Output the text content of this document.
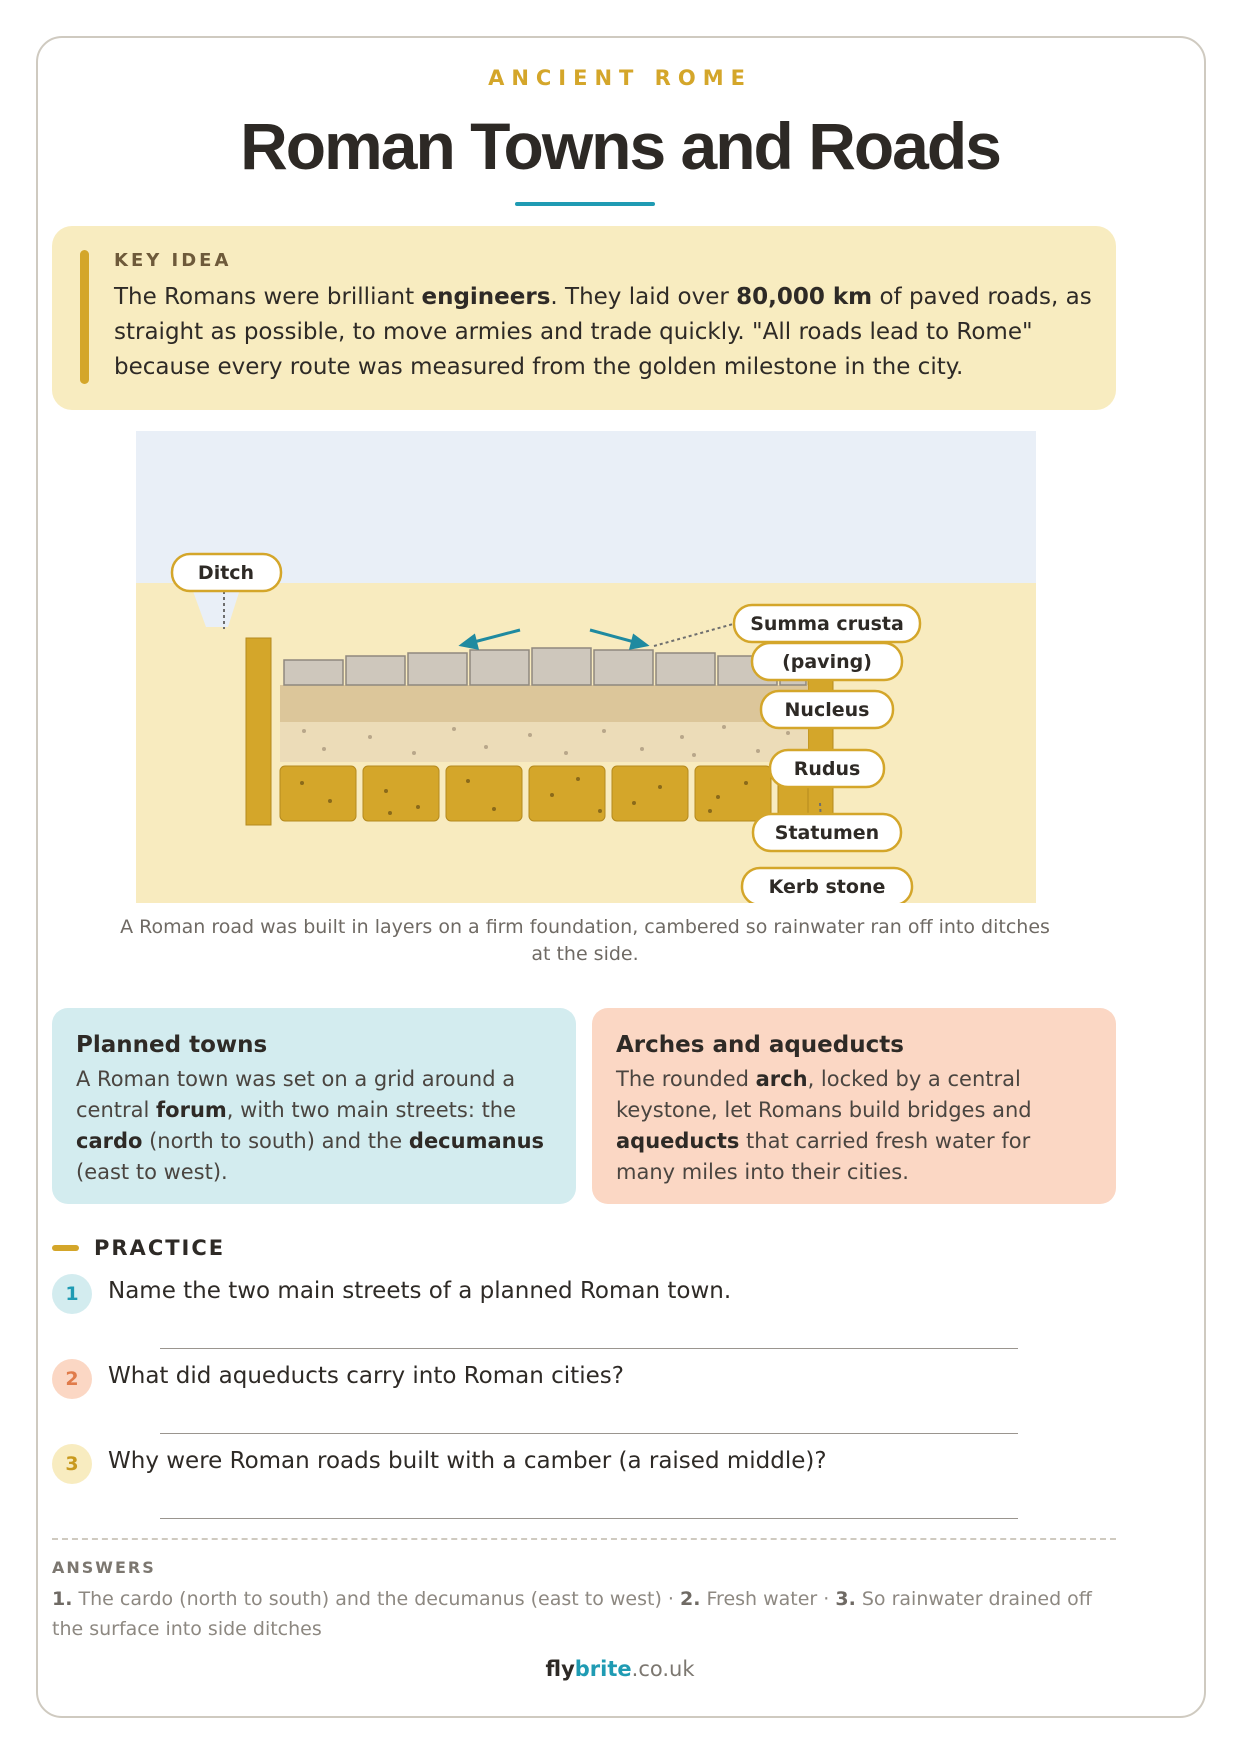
ANCIENT ROME
Roman Towns and Roads
KEY IDEA
The Romans were brilliant engineers. They laid over 80,000 km of paved roads, as straight as possible, to move armies and trade quickly. "All roads lead to Rome" because every route was measured from the golden milestone in the city.
Ditch
Summa crusta
(paving)
Nucleus
Rudus
Statumen
Kerb stone
A Roman road was built in layers on a firm foundation, cambered so rainwater ran off into ditches at the side.
Planned towns
A Roman town was set on a grid around a central forum, with two main streets: the cardo (north to south) and the decumanus (east to west).
Arches and aqueducts
The rounded arch, locked by a central keystone, let Romans build bridges and aqueducts that carried fresh water for many miles into their cities.
PRACTICE
1	Name the two main streets of a planned Roman town.
2	What did aqueducts carry into Roman cities?
3	Why were Roman roads built with a camber (a raised middle)?
ANSWERS
1. The cardo (north to south) and the decumanus (east to west) · 2. Fresh water · 3. So rainwater drained off the surface into side ditches
flybrite.co.uk
